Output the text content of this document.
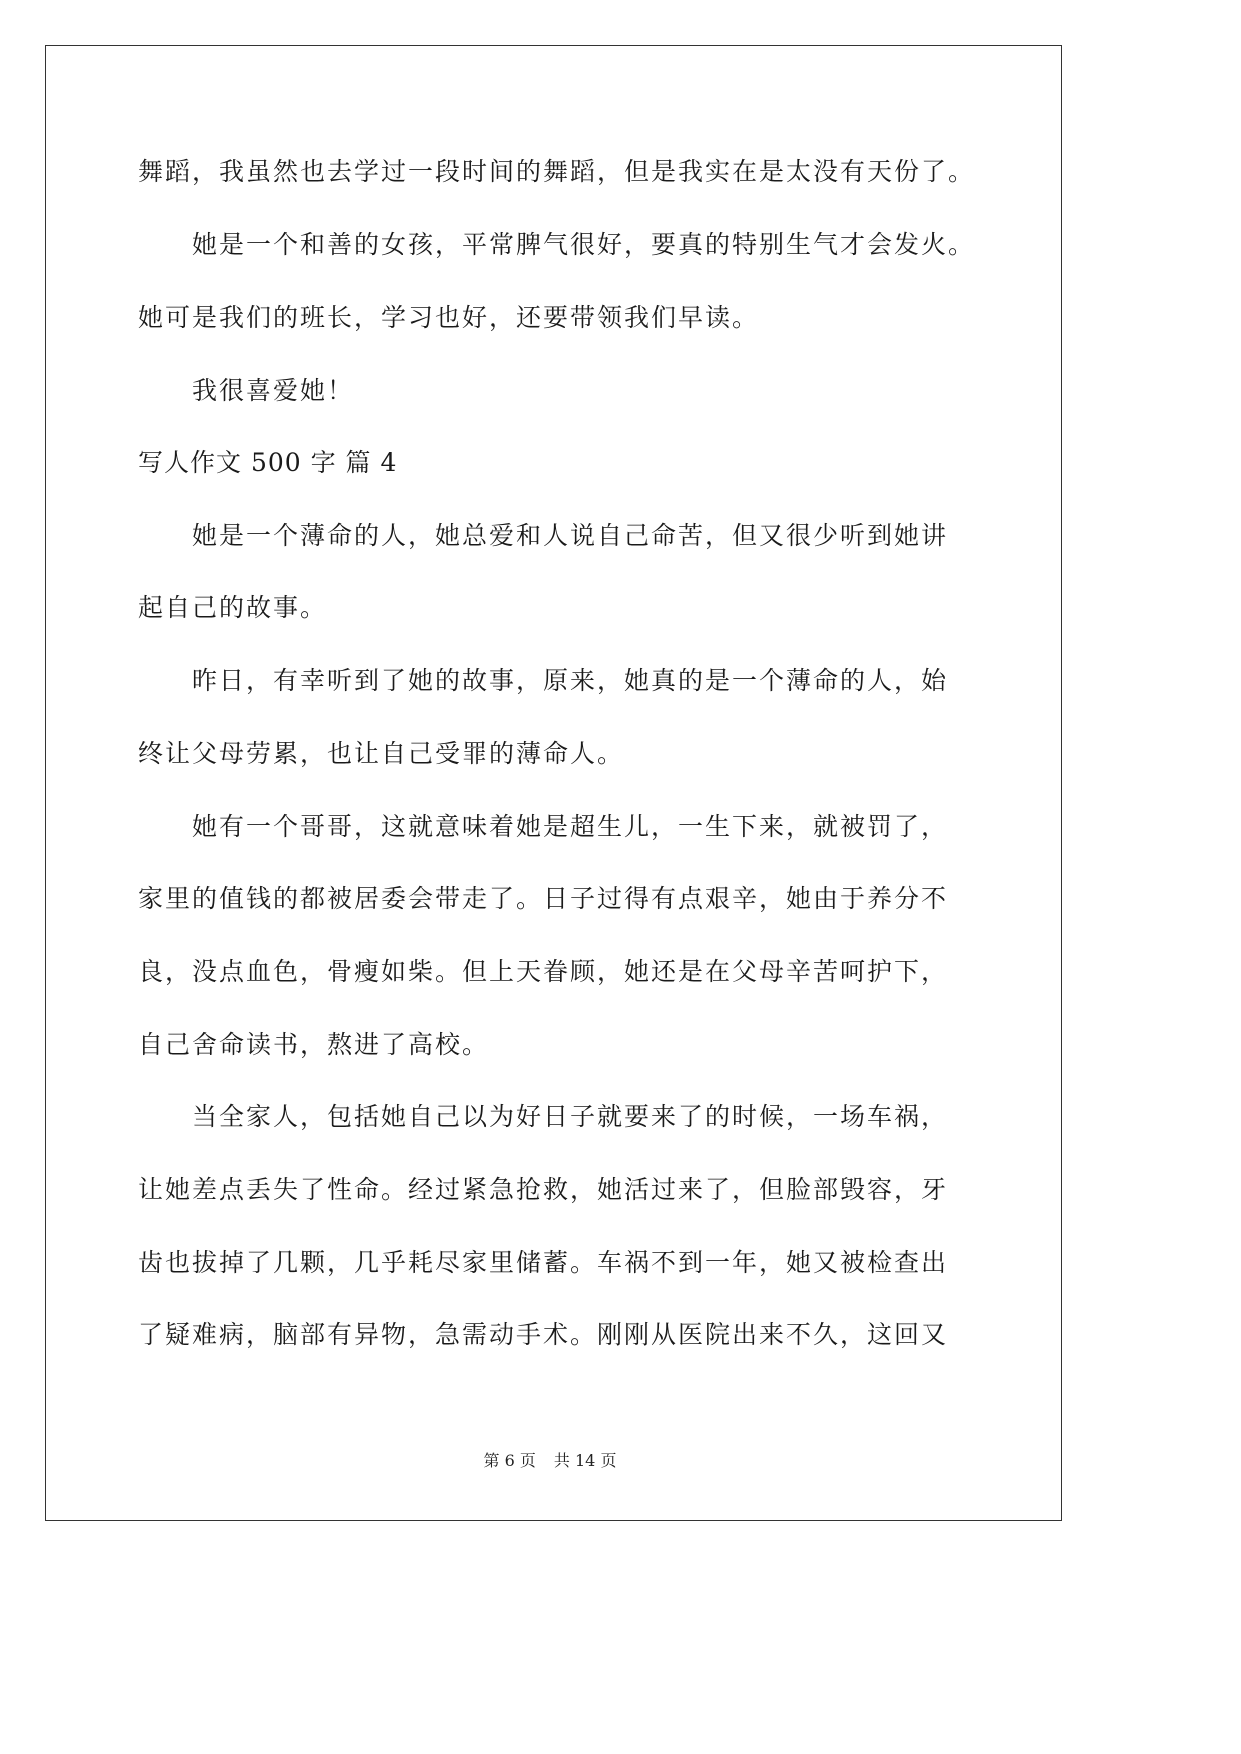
舞蹈，我虽然也去学过一段时间的舞蹈，但是我实在是太没有天份了。
她是一个和善的女孩，平常脾气很好，要真的特别生气才会发火。
她可是我们的班长，学习也好，还要带领我们早读。
我很喜爱她！
写人作文 500 字 篇 4
她是一个薄命的人，她总爱和人说自己命苦，但又很少听到她讲
起自己的故事。
昨日，有幸听到了她的故事，原来，她真的是一个薄命的人，始
终让父母劳累，也让自己受罪的薄命人。
她有一个哥哥，这就意味着她是超生儿，一生下来，就被罚了，
家里的值钱的都被居委会带走了。日子过得有点艰辛，她由于养分不
良，没点血色，骨瘦如柴。但上天眷顾，她还是在父母辛苦呵护下，
自己舍命读书，熬进了高校。
当全家人，包括她自己以为好日子就要来了的时候，一场车祸，
让她差点丢失了性命。经过紧急抢救，她活过来了，但脸部毁容，牙
齿也拔掉了几颗，几乎耗尽家里储蓄。车祸不到一年，她又被检查出
了疑难病，脑部有异物，急需动手术。刚刚从医院出来不久，这回又
第 6 页 共 14 页
